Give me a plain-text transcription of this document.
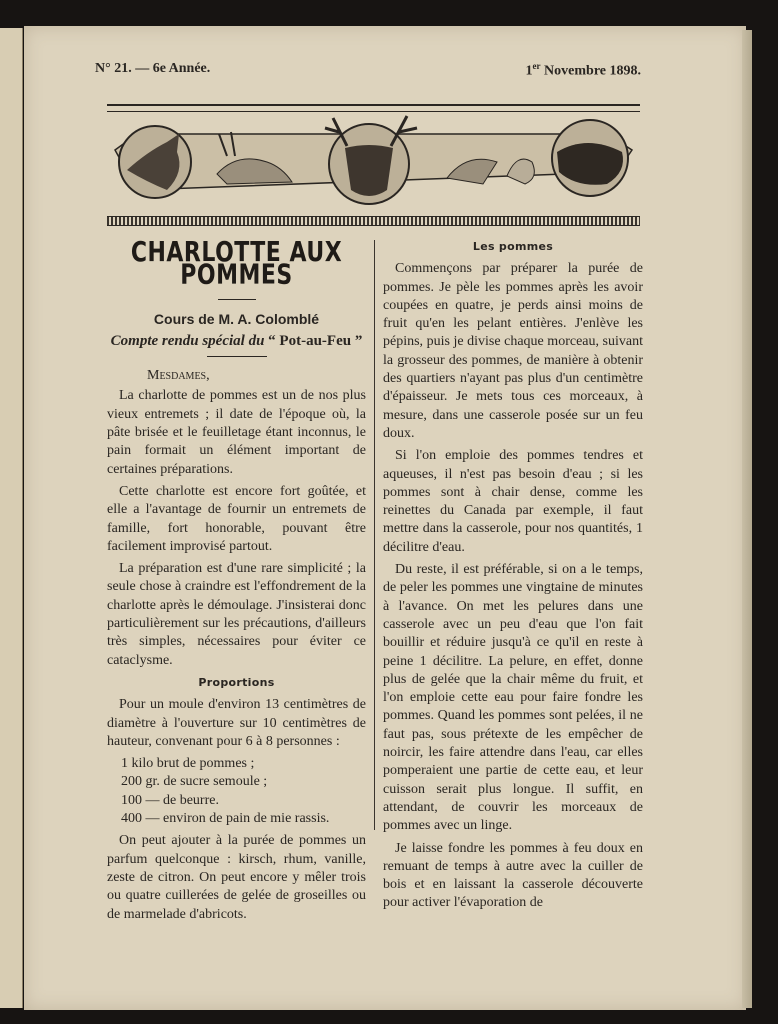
N° 21. — 6e Année.	1er Novembre 1898.
CHARLOTTE AUX POMMES
Cours de M. A. Colomblé
Compte rendu spécial du “ Pot-au-Feu ”
Mesdames,

La charlotte de pommes est un de nos plus vieux entremets ; il date de l'époque où, la pâte brisée et le feuilletage étant inconnus, le pain formait un élément important de certaines préparations.

Cette charlotte est encore fort goûtée, et elle a l'avantage de fournir un entremets de famille, fort honorable, pouvant être facilement improvisé partout.

La préparation est d'une rare simplicité ; la seule chose à craindre est l'effondrement de la charlotte après le démoulage. J'insisterai donc particulièrement sur les précautions, d'ailleurs très simples, nécessaires pour éviter ce cataclysme.

Proportions

Pour un moule d'environ 13 centimètres de diamètre à l'ouverture sur 10 centimètres de hauteur, convenant pour 6 à 8 personnes :

1 kilo brut de pommes ;
200 gr. de sucre semoule ;
100 — de beurre.
400 — environ de pain de mie rassis.

On peut ajouter à la purée de pommes un parfum quelconque : kirsch, rhum, vanille, zeste de citron. On peut encore y mêler trois ou quatre cuillerées de gelée de groseilles ou de marmelade d'abricots.

Les pommes

Commençons par préparer la purée de pommes. Je pèle les pommes après les avoir coupées en quatre, je perds ainsi moins de fruit qu'en les pelant entières. J'enlève les pépins, puis je divise chaque morceau, suivant la grosseur des pommes, de manière à obtenir des quartiers n'ayant pas plus d'un centimètre d'épaisseur. Je mets tous ces morceaux, à mesure, dans une casserole posée sur un feu doux.

Si l'on emploie des pommes tendres et aqueuses, il n'est pas besoin d'eau ; si les pommes sont à chair dense, comme les reinettes du Canada par exemple, il faut mettre dans la casserole, pour nos quantités, 1 décilitre d'eau.

Du reste, il est préférable, si on a le temps, de peler les pommes une vingtaine de minutes à l'avance. On met les pelures dans une casserole avec un peu d'eau que l'on fait bouillir et réduire jusqu'à ce qu'il en reste à peine 1 décilitre. La pelure, en effet, donne plus de gelée que la chair même du fruit, et l'on emploie cette eau pour faire fondre les pommes. Quand les pommes sont pelées, il ne faut pas, sous prétexte de les empêcher de noircir, les faire attendre dans l'eau, car elles pomperaient une partie de cette eau, et leur cuisson serait plus longue. Il suffit, en attendant, de couvrir les morceaux de pommes avec un linge.

Je laisse fondre les pommes à feu doux en remuant de temps à autre avec la cuiller de bois et en laissant la casserole découverte pour activer l'évaporation de
